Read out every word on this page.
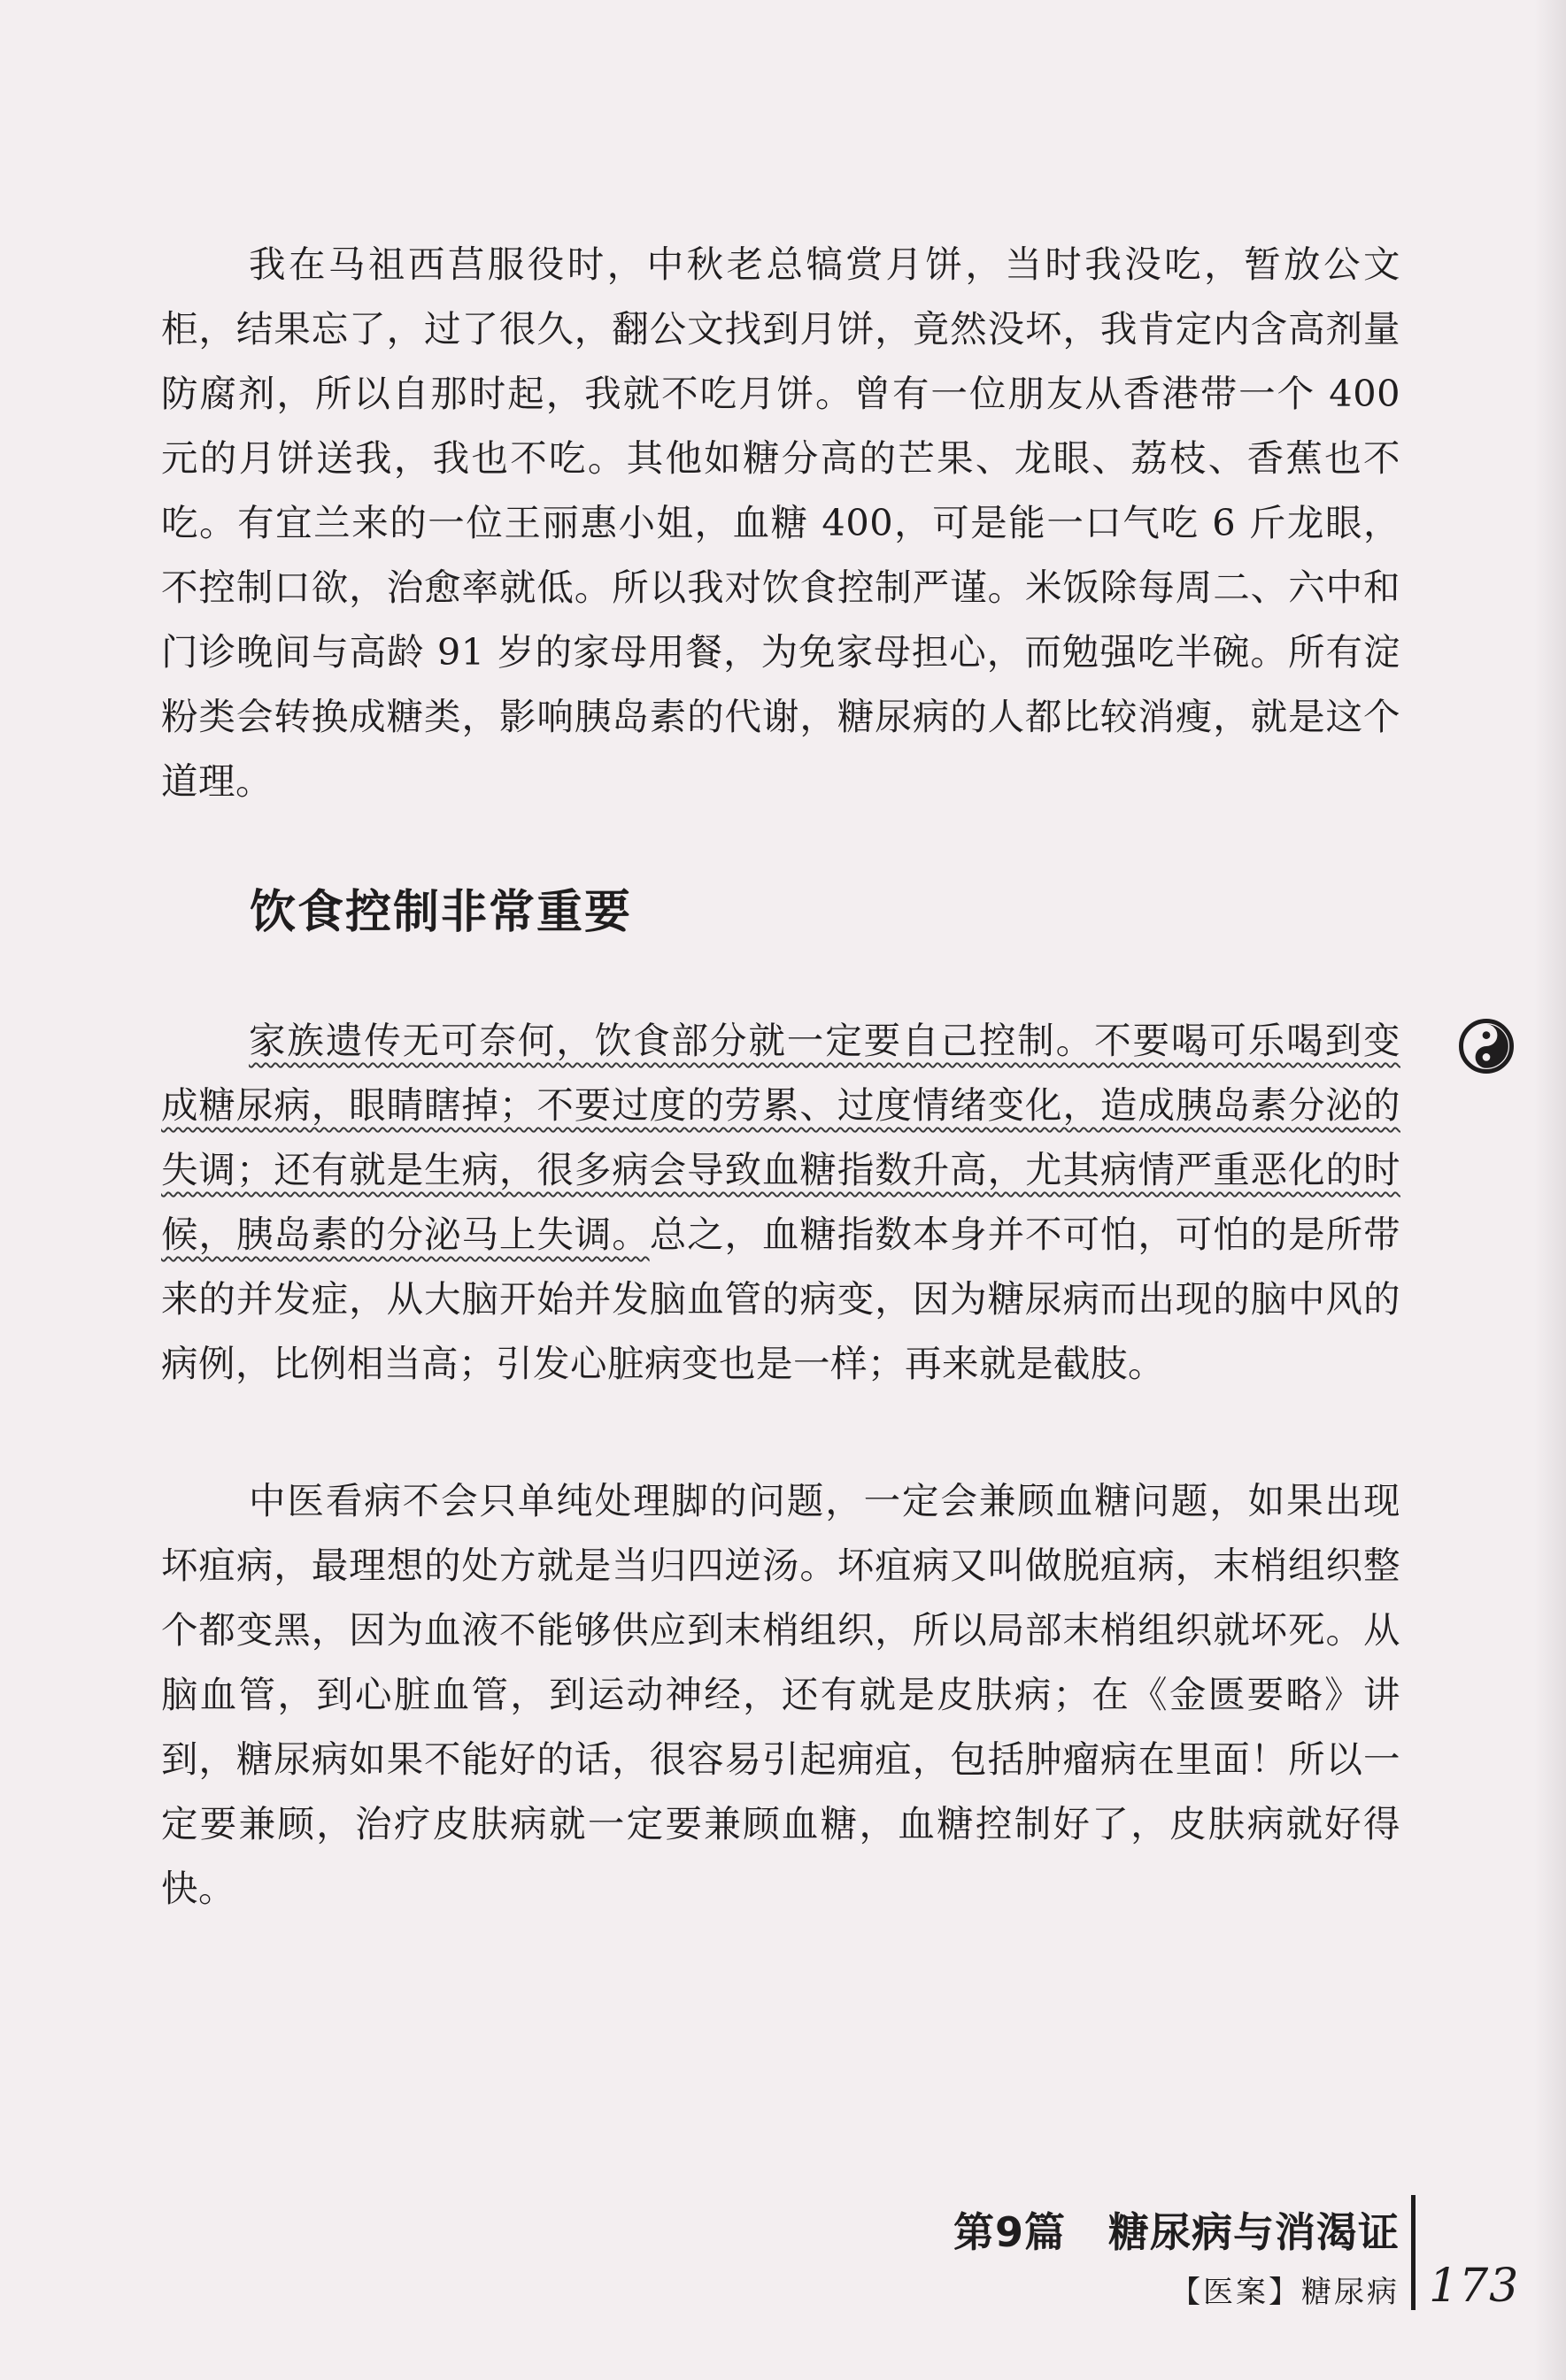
我在马祖西莒服役时，中秋老总犒赏月饼，当时我没吃，暂放公文柜，结果忘了，过了很久，翻公文找到月饼，竟然没坏，我肯定内含高剂量防腐剂，所以自那时起，我就不吃月饼。曾有一位朋友从香港带一个 400 元的月饼送我，我也不吃。其他如糖分高的芒果、龙眼、荔枝、香蕉也不吃。有宜兰来的一位王丽惠小姐，血糖 400，可是能一口气吃 6 斤龙眼，不控制口欲，治愈率就低。所以我对饮食控制严谨。米饭除每周二、六中和门诊晚间与高龄 91 岁的家母用餐，为免家母担心，而勉强吃半碗。所有淀粉类会转换成糖类，影响胰岛素的代谢，糖尿病的人都比较消瘦，就是这个道理。

饮食控制非常重要

家族遗传无可奈何，饮食部分就一定要自己控制。不要喝可乐喝到变成糖尿病，眼睛瞎掉；不要过度的劳累、过度情绪变化，造成胰岛素分泌的失调；还有就是生病，很多病会导致血糖指数升高，尤其病情严重恶化的时候，胰岛素的分泌马上失调。总之，血糖指数本身并不可怕，可怕的是所带来的并发症，从大脑开始并发脑血管的病变，因为糖尿病而出现的脑中风的病例，比例相当高；引发心脏病变也是一样；再来就是截肢。

中医看病不会只单纯处理脚的问题，一定会兼顾血糖问题，如果出现坏疽病，最理想的处方就是当归四逆汤。坏疽病又叫做脱疽病，末梢组织整个都变黑，因为血液不能够供应到末梢组织，所以局部末梢组织就坏死。从脑血管，到心脏血管，到运动神经，还有就是皮肤病；在《金匮要略》讲到，糖尿病如果不能好的话，很容易引起痈疽，包括肿瘤病在里面！所以一定要兼顾，治疗皮肤病就一定要兼顾血糖，血糖控制好了，皮肤病就好得快。

第9篇 糖尿病与消渴证
【医案】糖尿病 173
